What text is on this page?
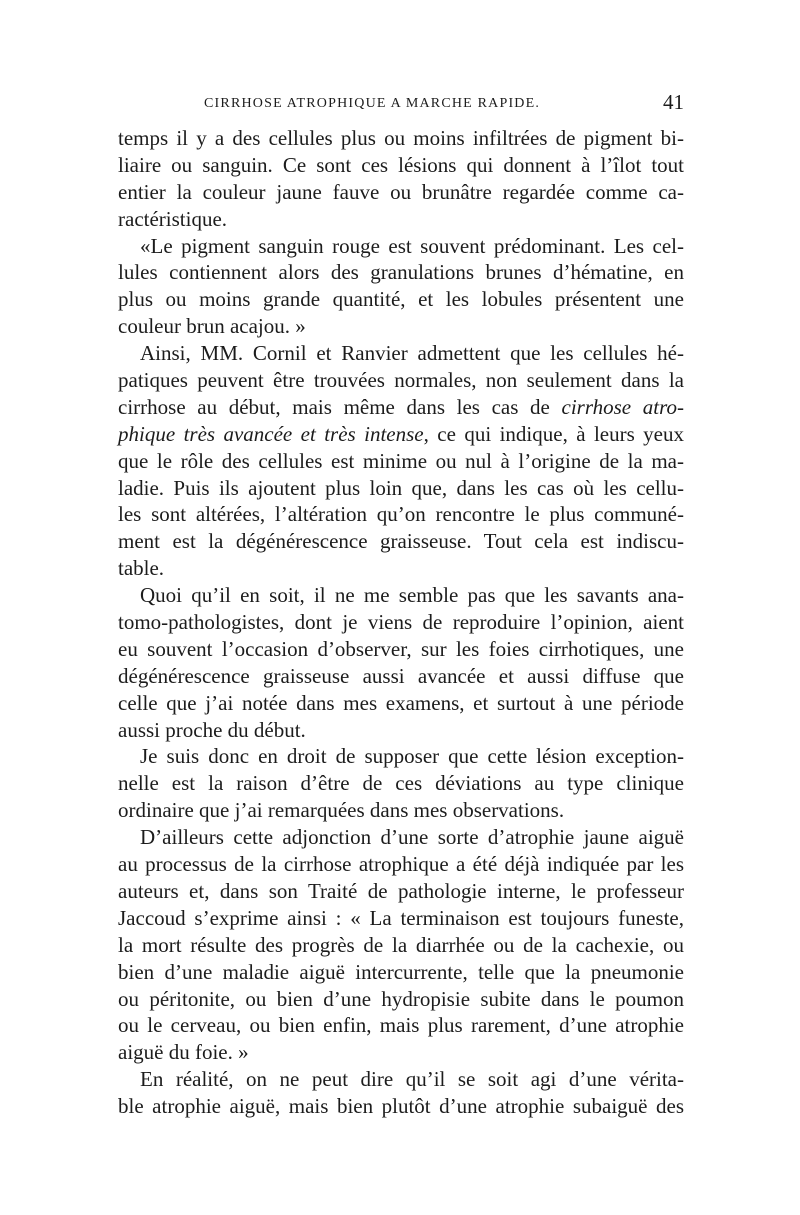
CIRRHOSE ATROPHIQUE A MARCHE RAPIDE.	41
temps il y a des cellules plus ou moins infiltrées de pigment bi-
liaire ou sanguin. Ce sont ces lésions qui donnent à l’îlot tout
entier la couleur jaune fauve ou brunâtre regardée comme ca-
ractéristique.
«Le pigment sanguin rouge est souvent prédominant. Les cel-
lules contiennent alors des granulations brunes d’hématine, en
plus ou moins grande quantité, et les lobules présentent une
couleur brun acajou. »
Ainsi, MM. Cornil et Ranvier admettent que les cellules hé-
patiques peuvent être trouvées normales, non seulement dans la
cirrhose au début, mais même dans les cas de cirrhose atro-
phique très avancée et très intense, ce qui indique, à leurs yeux
que le rôle des cellules est minime ou nul à l’origine de la ma-
ladie. Puis ils ajoutent plus loin que, dans les cas où les cellu-
les sont altérées, l’altération qu’on rencontre le plus communé-
ment est la dégénérescence graisseuse. Tout cela est indiscu-
table.
Quoi qu’il en soit, il ne me semble pas que les savants ana-
tomo-pathologistes, dont je viens de reproduire l’opinion, aient
eu souvent l’occasion d’observer, sur les foies cirrhotiques, une
dégénérescence graisseuse aussi avancée et aussi diffuse que
celle que j’ai notée dans mes examens, et surtout à une période
aussi proche du début.
Je suis donc en droit de supposer que cette lésion exception-
nelle est la raison d’être de ces déviations au type clinique
ordinaire que j’ai remarquées dans mes observations.
D’ailleurs cette adjonction d’une sorte d’atrophie jaune aiguë
au processus de la cirrhose atrophique a été déjà indiquée par les
auteurs et, dans son Traité de pathologie interne, le professeur
Jaccoud s’exprime ainsi : « La terminaison est toujours funeste,
la mort résulte des progrès de la diarrhée ou de la cachexie, ou
bien d’une maladie aiguë intercurrente, telle que la pneumonie
ou péritonite, ou bien d’une hydropisie subite dans le poumon
ou le cerveau, ou bien enfin, mais plus rarement, d’une atrophie
aiguë du foie. »
En réalité, on ne peut dire qu’il se soit agi d’une vérita-
ble atrophie aiguë, mais bien plutôt d’une atrophie subaiguë des
